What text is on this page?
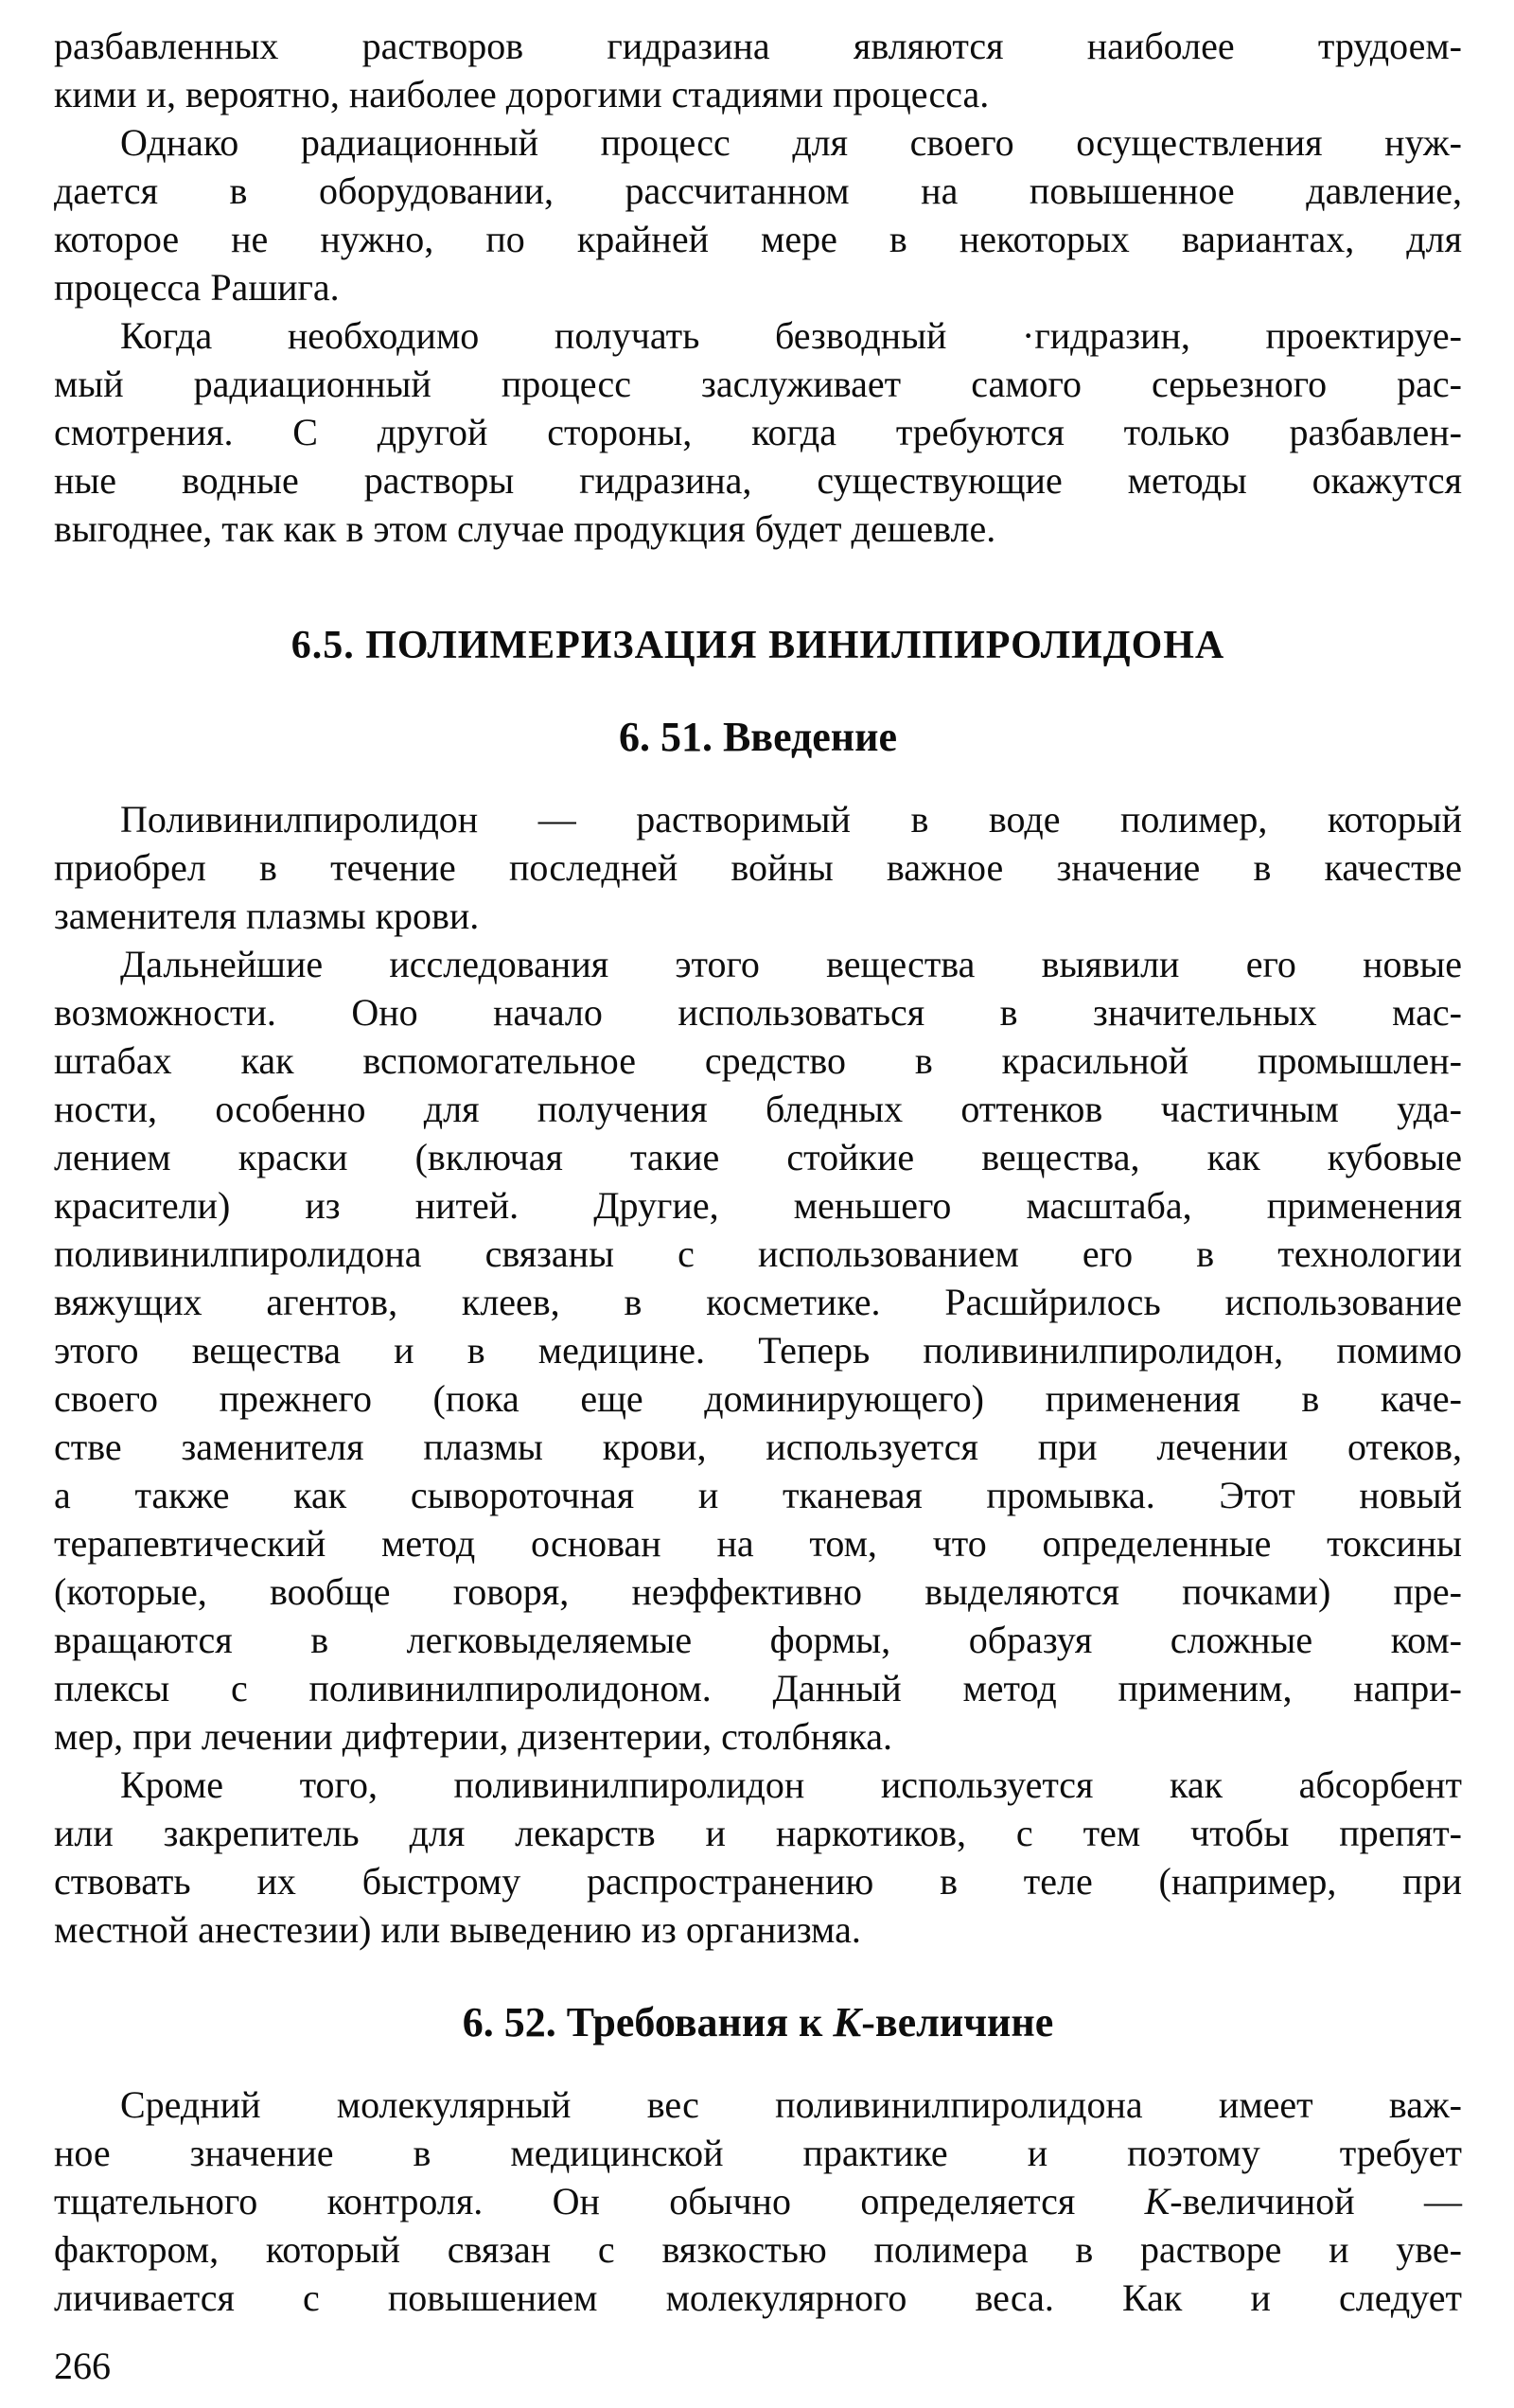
разбавленных растворов гидразина являются наиболее трудоем-
кими и, вероятно, наиболее дорогими стадиями процесса.
Однако радиационный процесс для своего осуществления нуж-
дается в оборудовании, рассчитанном на повышенное давление,
которое не нужно, по крайней мере в некоторых вариантах, для
процесса Рашига.
Когда необходимо получать безводный ·гидразин, проектируе-
мый радиационный процесс заслуживает самого серьезного рас-
смотрения. С другой стороны, когда требуются только разбавлен-
ные водные растворы гидразина, существующие методы окажутся
выгоднее, так как в этом случае продукция будет дешевле.
6.5. ПОЛИМЕРИЗАЦИЯ ВИНИЛПИРОЛИДОНА
6. 51. Введение
Поливинилпиролидон — растворимый в воде полимер, который
приобрел в течение последней войны важное значение в качестве
заменителя плазмы крови.
Дальнейшие исследования этого вещества выявили его новые
возможности. Оно начало использоваться в значительных мас-
штабах как вспомогательное средство в красильной промышлен-
ности, особенно для получения бледных оттенков частичным уда-
лением краски (включая такие стойкие вещества, как кубовые
красители) из нитей. Другие, меньшего масштаба, применения
поливинилпиролидона связаны с использованием его в технологии
вяжущих агентов, клеев, в косметике. Расшйрилось использование
этого вещества и в медицине. Теперь поливинилпиролидон, помимо
своего прежнего (пока еще доминирующего) применения в каче-
стве заменителя плазмы крови, используется при лечении отеков,
а также как сывороточная и тканевая промывка. Этот новый
терапевтический метод основан на том, что определенные токсины
(которые, вообще говоря, неэффективно выделяются почками) пре-
вращаются в легковыделяемые формы, образуя сложные ком-
плексы с поливинилпиролидоном. Данный метод применим, напри-
мер, при лечении дифтерии, дизентерии, столбняка.
Кроме того, поливинилпиролидон используется как абсорбент
или закрепитель для лекарств и наркотиков, с тем чтобы препят-
ствовать их быстрому распространению в теле (например, при
местной анестезии) или выведению из организма.
6. 52. Требования к К-величине
Средний молекулярный вес поливинилпиролидона имеет важ-
ное значение в медицинской практике и поэтому требует
тщательного контроля. Он обычно определяется К-величиной —
фактором, который связан с вязкостью полимера в растворе и уве-
личивается с повышением молекулярного веса. Как и следует
266
